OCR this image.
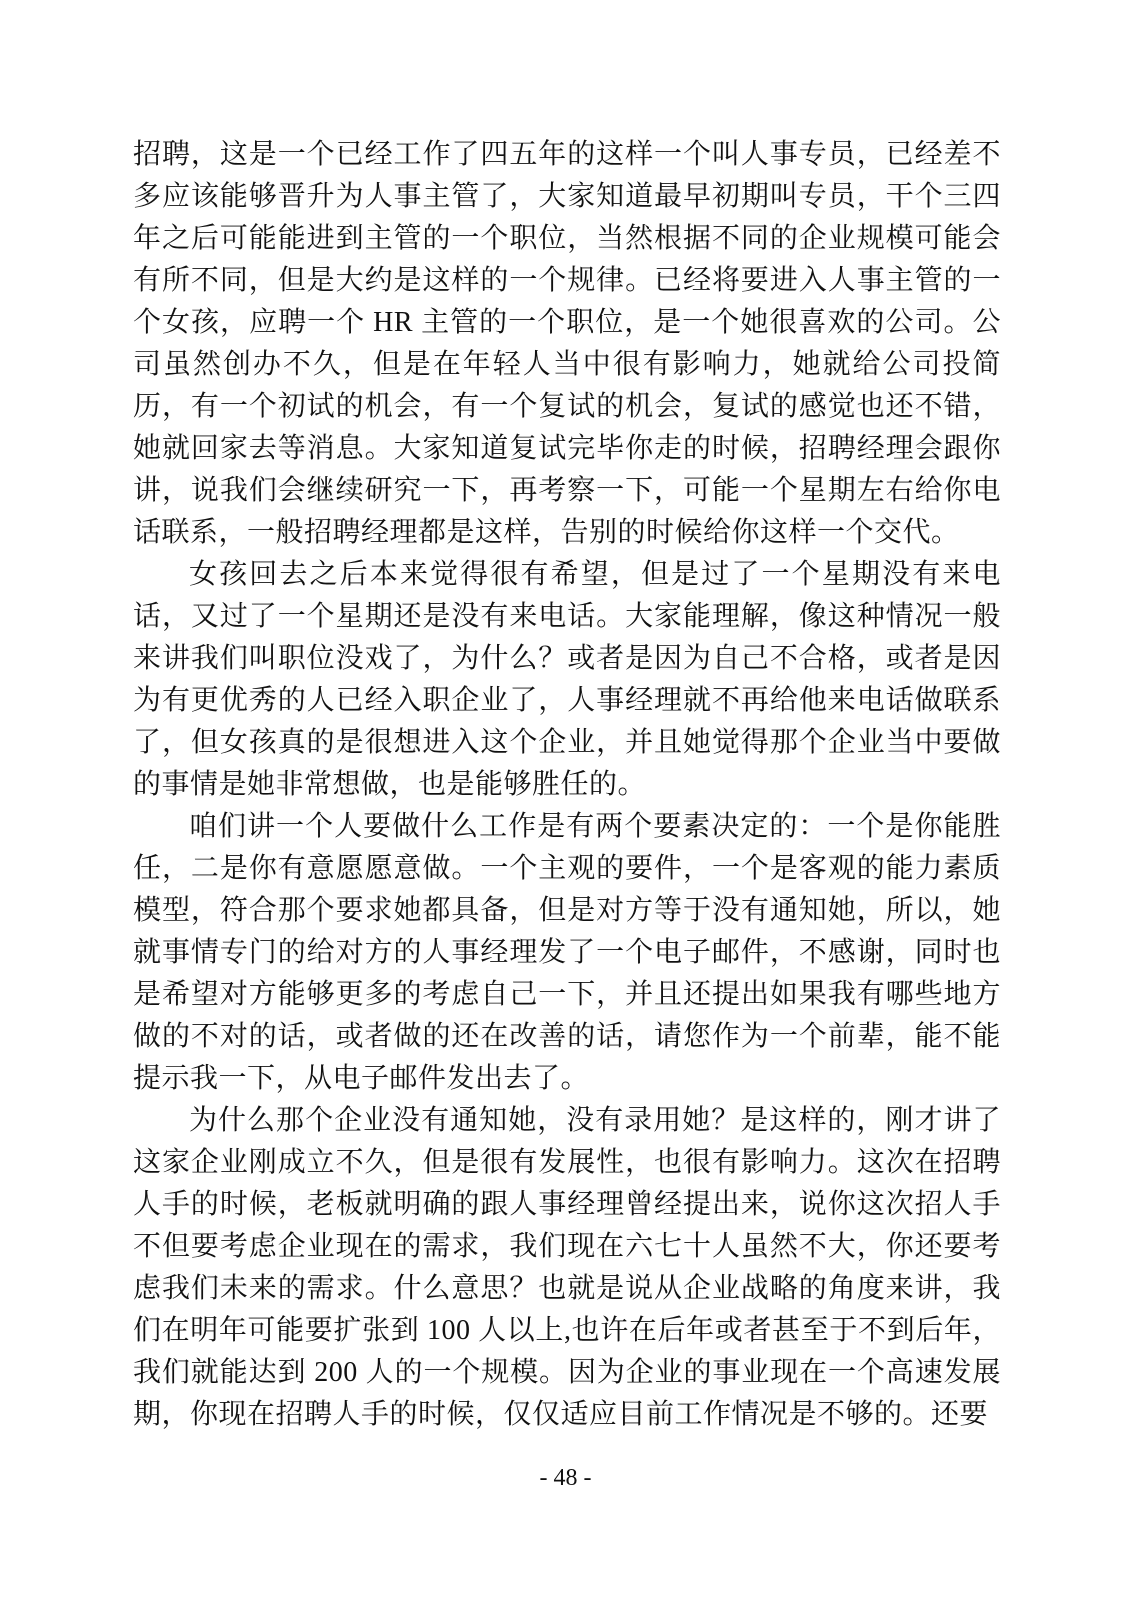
招聘，这是一个已经工作了四五年的这样一个叫人事专员，已经差不多应该能够晋升为人事主管了，大家知道最早初期叫专员，干个三四年之后可能能进到主管的一个职位，当然根据不同的企业规模可能会有所不同，但是大约是这样的一个规律。已经将要进入人事主管的一个女孩，应聘一个 HR 主管的一个职位，是一个她很喜欢的公司。公司虽然创办不久，但是在年轻人当中很有影响力，她就给公司投简历，有一个初试的机会，有一个复试的机会，复试的感觉也还不错，她就回家去等消息。大家知道复试完毕你走的时候，招聘经理会跟你讲，说我们会继续研究一下，再考察一下，可能一个星期左右给你电话联系，一般招聘经理都是这样，告别的时候给你这样一个交代。

女孩回去之后本来觉得很有希望，但是过了一个星期没有来电话，又过了一个星期还是没有来电话。大家能理解，像这种情况一般来讲我们叫职位没戏了，为什么？或者是因为自己不合格，或者是因为有更优秀的人已经入职企业了，人事经理就不再给他来电话做联系了，但女孩真的是很想进入这个企业，并且她觉得那个企业当中要做的事情是她非常想做，也是能够胜任的。

咱们讲一个人要做什么工作是有两个要素决定的：一个是你能胜任，二是你有意愿愿意做。一个主观的要件，一个是客观的能力素质模型，符合那个要求她都具备，但是对方等于没有通知她，所以，她就事情专门的给对方的人事经理发了一个电子邮件，不感谢，同时也是希望对方能够更多的考虑自己一下，并且还提出如果我有哪些地方做的不对的话，或者做的还在改善的话，请您作为一个前辈，能不能提示我一下，从电子邮件发出去了。

为什么那个企业没有通知她，没有录用她？是这样的，刚才讲了这家企业刚成立不久，但是很有发展性，也很有影响力。这次在招聘人手的时候，老板就明确的跟人事经理曾经提出来，说你这次招人手不但要考虑企业现在的需求，我们现在六七十人虽然不大，你还要考虑我们未来的需求。什么意思？也就是说从企业战略的角度来讲，我们在明年可能要扩张到 100 人以上,也许在后年或者甚至于不到后年，我们就能达到 200 人的一个规模。因为企业的事业现在一个高速发展期，你现在招聘人手的时候，仅仅适应目前工作情况是不够的。还要

- 48 -
